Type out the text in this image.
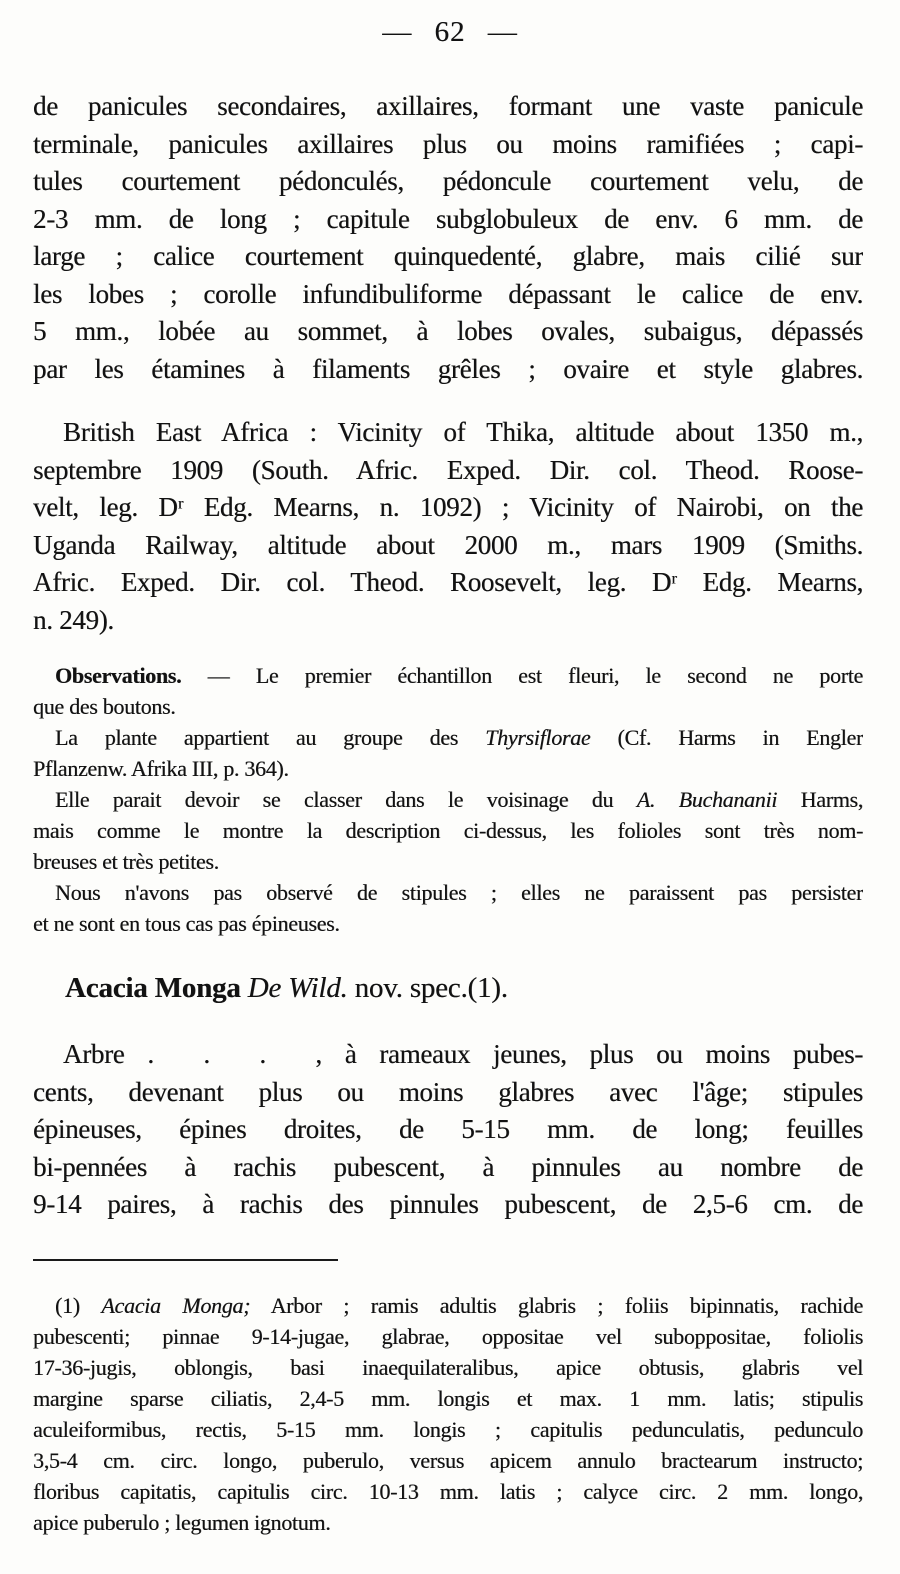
— 62 —
de panicules secondaires, axillaires, formant une vaste panicule
terminale, panicules axillaires plus ou moins ramifiées ; capi-
tules courtement pédonculés, pédoncule courtement velu, de
2-3 mm. de long ; capitule subglobuleux de env. 6 mm. de
large ; calice courtement quinquedenté, glabre, mais cilié sur
les lobes ; corolle infundibuliforme dépassant le calice de env.
5 mm., lobée au sommet, à lobes ovales, subaigus, dépassés
par les étamines à filaments grêles ; ovaire et style glabres.
British East Africa : Vicinity of Thika, altitude about 1350 m.,
septembre 1909 (South. Afric. Exped. Dir. col. Theod. Roose-
velt, leg. Dʳ Edg. Mearns, n. 1092) ; Vicinity of Nairobi, on the
Uganda Railway, altitude about 2000 m., mars 1909 (Smiths.
Afric. Exped. Dir. col. Theod. Roosevelt, leg. Dʳ Edg. Mearns,
n. 249).
Observations. — Le premier échantillon est fleuri, le second ne porte
que des boutons.
La plante appartient au groupe des Thyrsiflorae (Cf. Harms in Engler
Pflanzenw. Afrika III, p. 364).
Elle parait devoir se classer dans le voisinage du A. Buchananii Harms,
mais comme le montre la description ci-dessus, les folioles sont très nom-
breuses et très petites.
Nous n'avons pas observé de stipules ; elles ne paraissent pas persister
et ne sont en tous cas pas épineuses.
Acacia Monga De Wild. nov. spec.(1).
Arbre .  .  .  , à rameaux jeunes, plus ou moins pubes-
cents, devenant plus ou moins glabres avec l'âge; stipules
épineuses, épines droites, de 5-15 mm. de long; feuilles
bi-pennées à rachis pubescent, à pinnules au nombre de
9-14 paires, à rachis des pinnules pubescent, de 2,5-6 cm. de
(1) Acacia Monga; Arbor ; ramis adultis glabris ; foliis bipinnatis, rachide
pubescenti; pinnae 9-14-jugae, glabrae, oppositae vel suboppositae, foliolis
17-36-jugis, oblongis, basi inaequilateralibus, apice obtusis, glabris vel
margine sparse ciliatis, 2,4-5 mm. longis et max. 1 mm. latis; stipulis
aculeiformibus, rectis, 5-15 mm. longis ; capitulis pedunculatis, pedunculo
3,5-4 cm. circ. longo, puberulo, versus apicem annulo bractearum instructo;
floribus capitatis, capitulis circ. 10-13 mm. latis ; calyce circ. 2 mm. longo,
apice puberulo ; legumen ignotum.
